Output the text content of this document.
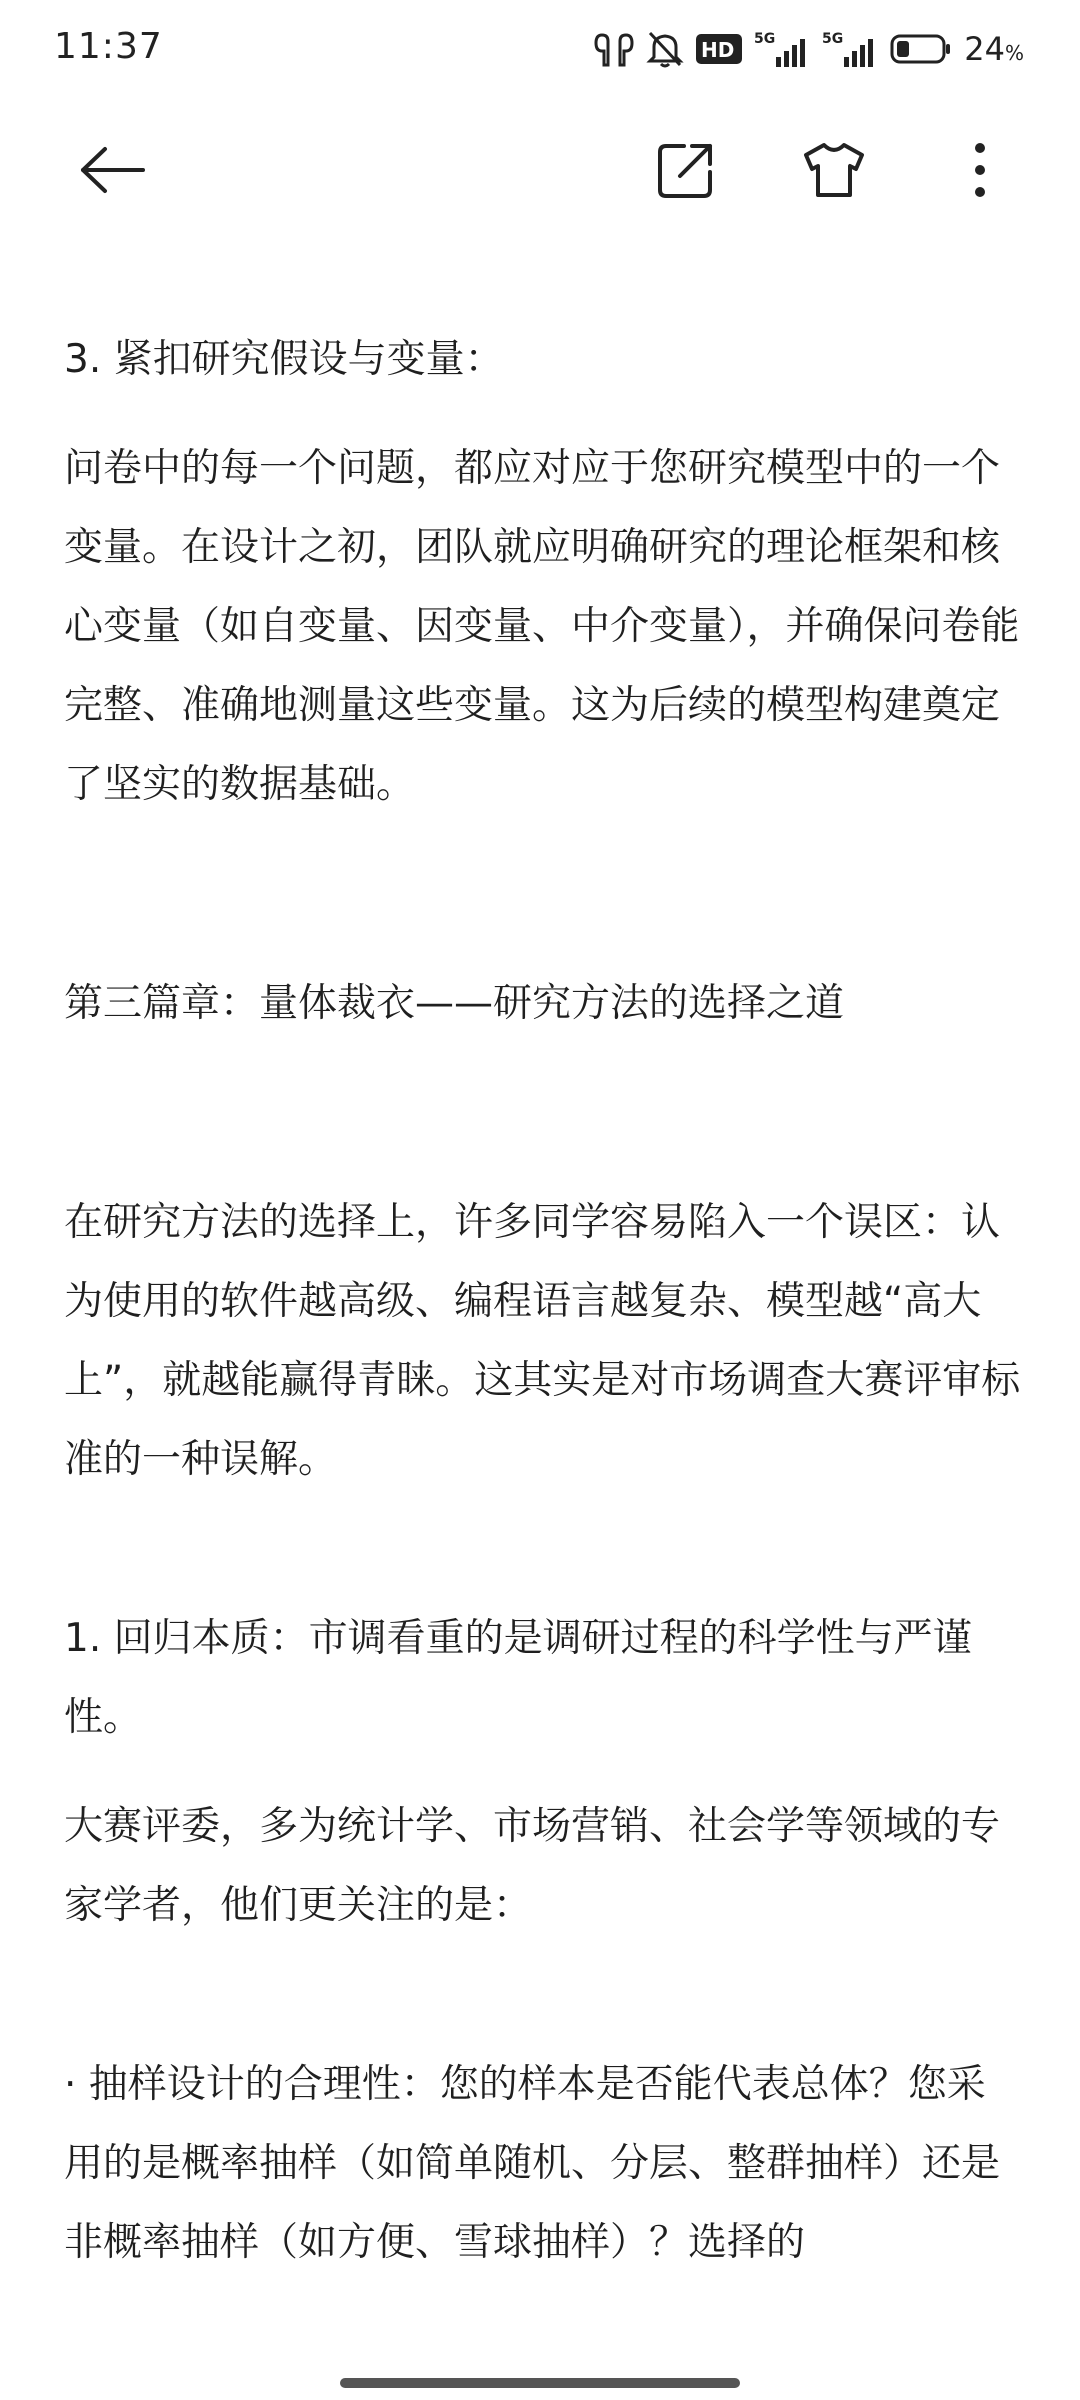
11:37	HD 5G	5G	24%

3. 紧扣研究假设与变量：

问卷中的每一个问题，都应对应于您研究模型中的一个变量。在设计之初，团队就应明确研究的理论框架和核心变量（如自变量、因变量、中介变量），并确保问卷能完整、准确地测量这些变量。这为后续的模型构建奠定了坚实的数据基础。

第三篇章：量体裁衣——研究方法的选择之道

在研究方法的选择上，许多同学容易陷入一个误区：认为使用的软件越高级、编程语言越复杂、模型越“高大上”，就越能赢得青睐。这其实是对市场调查大赛评审标准的一种误解。

1. 回归本质：市调看重的是调研过程的科学性与严谨性。

大赛评委，多为统计学、市场营销、社会学等领域的专家学者，他们更关注的是：

· 抽样设计的合理性：您的样本是否能代表总体？您采用的是概率抽样（如简单随机、分层、整群抽样）还是非概率抽样（如方便、雪球抽样）？选择的
